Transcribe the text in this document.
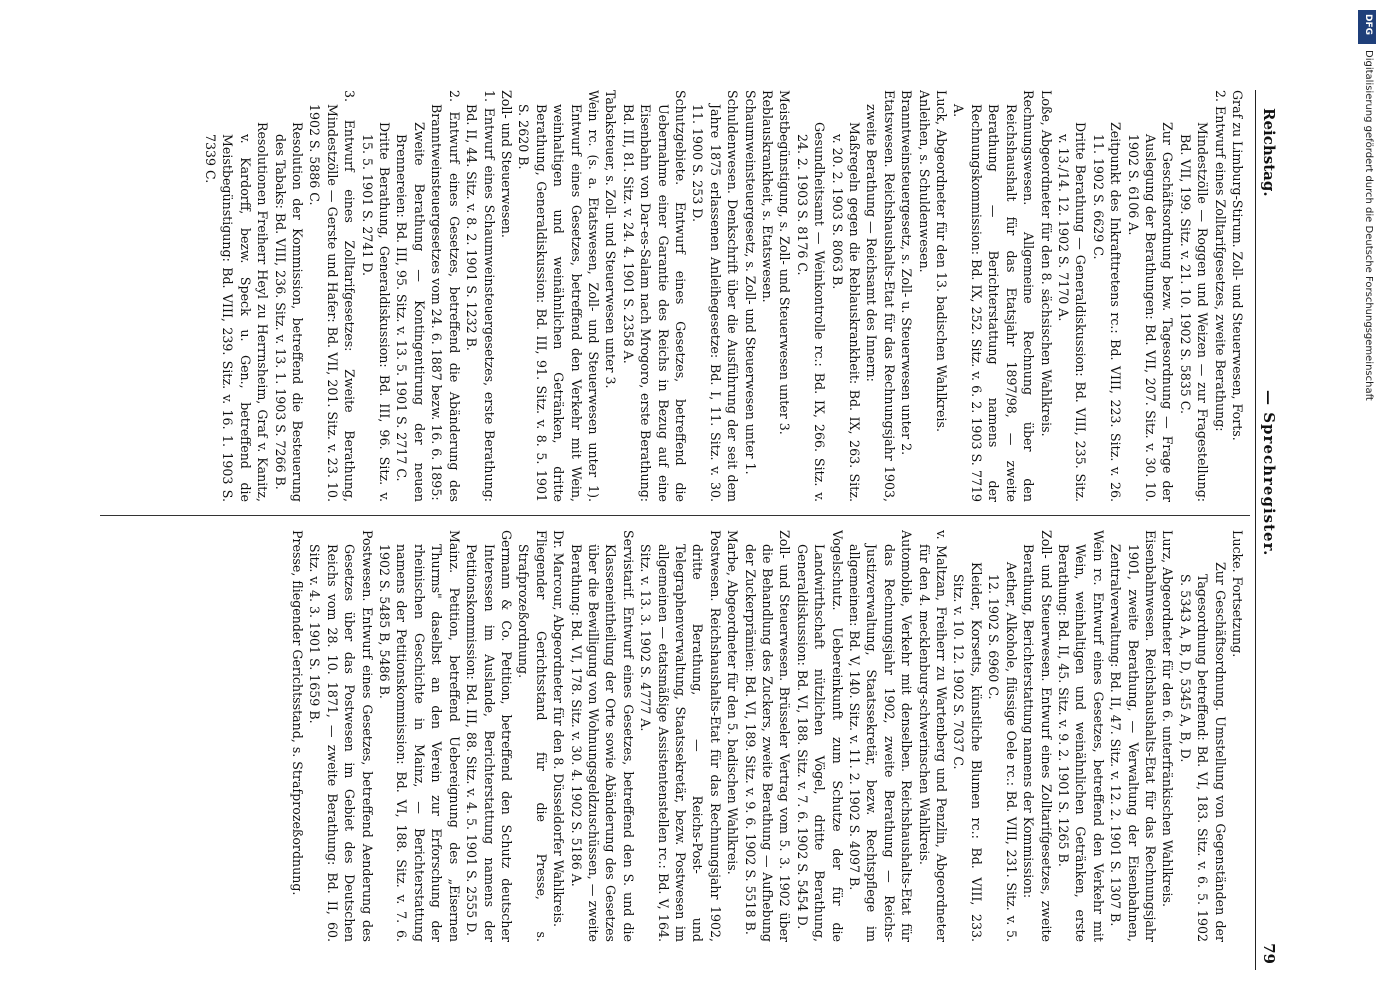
Reichstag.
— Sprechregister.
79

Graf zu Limburg-Stirum. Zoll- und Steuerwesen, Forts.

2. Entwurf eines Zolltarifgesetzes, zweite Berathung:

Mindestzölle — Roggen und Weizen — zur Fragestellung: Bd. VII, 199. Sitz. v. 21. 10. 1902 S. 5835 C.

Zur Geschäftsordnung bezw. Tagesordnung — Frage der Auslegung der Berathungen: Bd. VII, 207. Sitz. v. 30. 10. 1902 S. 6106 A.

Zeitpunkt des Inkrafttretens rc.: Bd. VIII, 223. Sitz. v. 26. 11. 1902 S. 6629 C.

Dritte Berathung — Generaldiskussion: Bd. VIII, 235. Sitz. v. 13./14. 12. 1902 S. 7170 A.

Loße, Abgeordneter für den 8. sächsischen Wahlkreis.

Rechnungswesen. Allgemeine Rechnung über den Reichshaushalt für das Etatsjahr 1897/98, — zweite Berathung — Berichterstattung namens der Rechnungskommission: Bd. IX, 252. Sitz. v. 6. 2. 1903 S. 7719 A.

Luck, Abgeordneter für den 13. badischen Wahlkreis.

Anleihen, s. Schuldenwesen.

Branntweinsteuergesetz, s. Zoll- u. Steuerwesen unter 2.

Etatswesen. Reichshaushalts-Etat für das Rechnungsjahr 1903, zweite Berathung — Reichsamt des Innern:

Maßregeln gegen die Reblauskrankheit: Bd. IX, 263. Sitz. v. 20. 2. 1903 S. 8063 B.

Gesundheitsamt — Weinkontrolle rc.: Bd. IX, 266. Sitz. v. 24. 2. 1903 S. 8176 C.

Meistbegünstigung, s. Zoll- und Steuerwesen unter 3.

Reblauskrankheit, s. Etatswesen.

Schaumweinsteuergesetz, s. Zoll- und Steuerwesen unter 1.

Schuldenwesen. Denkschrift über die Ausführung der seit dem Jahre 1875 erlassenen Anleihegesetze: Bd. I, 11. Sitz. v. 30. 11. 1900 S. 253 D.

Schutzgebiete. Entwurf eines Gesetzes, betreffend die Uebernahme einer Garantie des Reichs in Bezug auf eine Eisenbahn von Dar-es-Salam nach Mrogoro, erste Berathung: Bd. III, 81. Sitz. v. 24. 4. 1901 S. 2358 A.

Tabaksteuer, s. Zoll- und Steuerwesen unter 3.

Wein rc. (s. a. Etatswesen, Zoll- und Steuerwesen unter 1). Entwurf eines Gesetzes, betreffend den Verkehr mit Wein, weinhaltigen und weinähnlichen Getränken, dritte Berathung, Generaldiskussion: Bd. III, 91. Sitz. v. 8. 5. 1901 S. 2620 B.

Zoll- und Steuerwesen.

1. Entwurf eines Schaumweinsteuergesetzes, erste Berathung: Bd. II, 44. Sitz. v. 8. 2. 1901 S. 1232 B.

2. Entwurf eines Gesetzes, betreffend die Abänderung des Branntweinsteuergesetzes vom 24. 6. 1887 bezw. 16. 6. 1895:

Zweite Berathung — Kontingentirung der neuen Brennereien: Bd. III, 95. Sitz. v. 13. 5. 1901 S. 2717 C.

Dritte Berathung, Generaldiskussion: Bd. III, 96. Sitz. v. 15. 5. 1901 S. 2741 D.

3. Entwurf eines Zolltarifgesetzes: Zweite Berathung, Mindestzölle — Gerste und Hafer: Bd. VII, 201. Sitz. v. 23. 10. 1902 S. 5886 C.

Resolution der Kommission, betreffend die Besteuerung des Tabaks: Bd. VIII, 236. Sitz. v. 13. 1. 1903 S. 7266 B.

Resolutionen Freiherr Heyl zu Herrnsheim, Graf v. Kanitz, v. Kardorff, bezw. Speck u. Gen., betreffend die Meistbegünstigung: Bd. VIII, 239. Sitz. v. 16. 1. 1903 S. 7339 C.

Lucke. Fortsetzung.

Zur Geschäftsordnung. Umstellung von Gegenständen der Tagesordnung betreffend: Bd. VI, 183. Sitz. v. 6. 5. 1902 S. 5343 A, B, D, 5345 A, B, D.

Lurz, Abgeordneter für den 6. unterfränkischen Wahlkreis.

Eisenbahnwesen. Reichshaushalts-Etat für das Rechnungsjahr 1901, zweite Berathung, — Verwaltung der Eisenbahnen, Zentralverwaltung: Bd. II, 47. Sitz. v. 12. 2. 1901 S. 1307 B.

Wein rc. Entwurf eines Gesetzes, betreffend den Verkehr mit Wein, weinhaltigen und weinähnlichen Getränken, erste Berathung: Bd. II, 45. Sitz. v. 9. 2. 1901 S. 1265 B.

Zoll- und Steuerwesen. Entwurf eines Zolltarifgesetzes, zweite Berathung, Berichterstattung namens der Kommission:

Aether, Alkohole, flüssige Oele rc.: Bd. VIII, 231. Sitz. v. 5. 12. 1902 S. 6960 C.

Kleider, Korsetts, künstliche Blumen rc.: Bd. VIII, 233. Sitz. v. 10. 12. 1902 S. 7037 C.

v. Maltzan, Freiherr zu Wartenberg und Penzlin, Abgeordneter für den 4. mecklenburg-schwerinschen Wahlkreis.

Automobile, Verkehr mit denselben. Reichshaushalts-Etat für das Rechnungsjahr 1902, zweite Berathung — Reichs-Justizverwaltung, Staatssekretär, bezw. Rechtspflege im allgemeinen: Bd. V, 140. Sitz. v. 11. 2. 1902 S. 4097 B.

Vogelschutz. Uebereinkunft zum Schutze der für die Landwirthschaft nützlichen Vögel, dritte Berathung, Generaldiskussion: Bd. VI, 188. Sitz. v. 7. 6. 1902 S. 5454 D.

Zoll- und Steuerwesen. Brüsseler Vertrag vom 5. 3. 1902 über die Behandlung des Zuckers, zweite Berathung — Aufhebung der Zuckerprämien: Bd. VI, 189. Sitz. v. 9. 6. 1902 S. 5518 B.

Marbe, Abgeordneter für den 5. badischen Wahlkreis.

Postwesen. Reichshaushalts-Etat für das Rechnungsjahr 1902, dritte Berathung, — Reichs-Post- und Telegraphenverwaltung, Staatssekretär, bezw. Postwesen im allgemeinen — etatsmäßige Assistentenstellen rc.: Bd. V, 164. Sitz. v. 13. 3. 1902 S. 4777 A.

Servistarif. Entwurf eines Gesetzes, betreffend den S. und die Klasseneintheilung der Orte sowie Abänderung des Gesetzes über die Bewilligung von Wohnungsgeldzuschüssen, — zweite Berathung: Bd. VI, 178. Sitz. v. 30. 4. 1902 S. 5186 A.

Dr. Marcour, Abgeordneter für den 8. Düsseldorfer Wahlkreis.

Fliegender Gerichtsstand für die Presse, s. Strafprozeßordnung.

Germann & Co. Petition, betreffend den Schutz deutscher Interessen im Auslande, Berichterstattung namens der Petitionskommission: Bd. III, 88. Sitz. v. 4. 5. 1901 S. 2555 D.

Mainz. Petition, betreffend Uebereignung des „Eisernen Thurms" daselbst an den Verein zur Erforschung der rheinischen Geschichte in Mainz, — Berichterstattung namens der Petitionskommission: Bd. VI, 188. Sitz. v. 7. 6. 1902 S. 5485 B, 5486 B.

Postwesen. Entwurf eines Gesetzes, betreffend Aenderung des Gesetzes über das Postwesen im Gebiet des Deutschen Reichs vom 28. 10. 1871, — zweite Berathung: Bd. II, 60. Sitz. v. 4. 3. 1901 S. 1659 B.

Presse, fliegender Gerichtsstand, s. Strafprozeßordnung.

DFG
Digitalisierung gefördert durch die Deutsche Forschungsgemeinschaft
